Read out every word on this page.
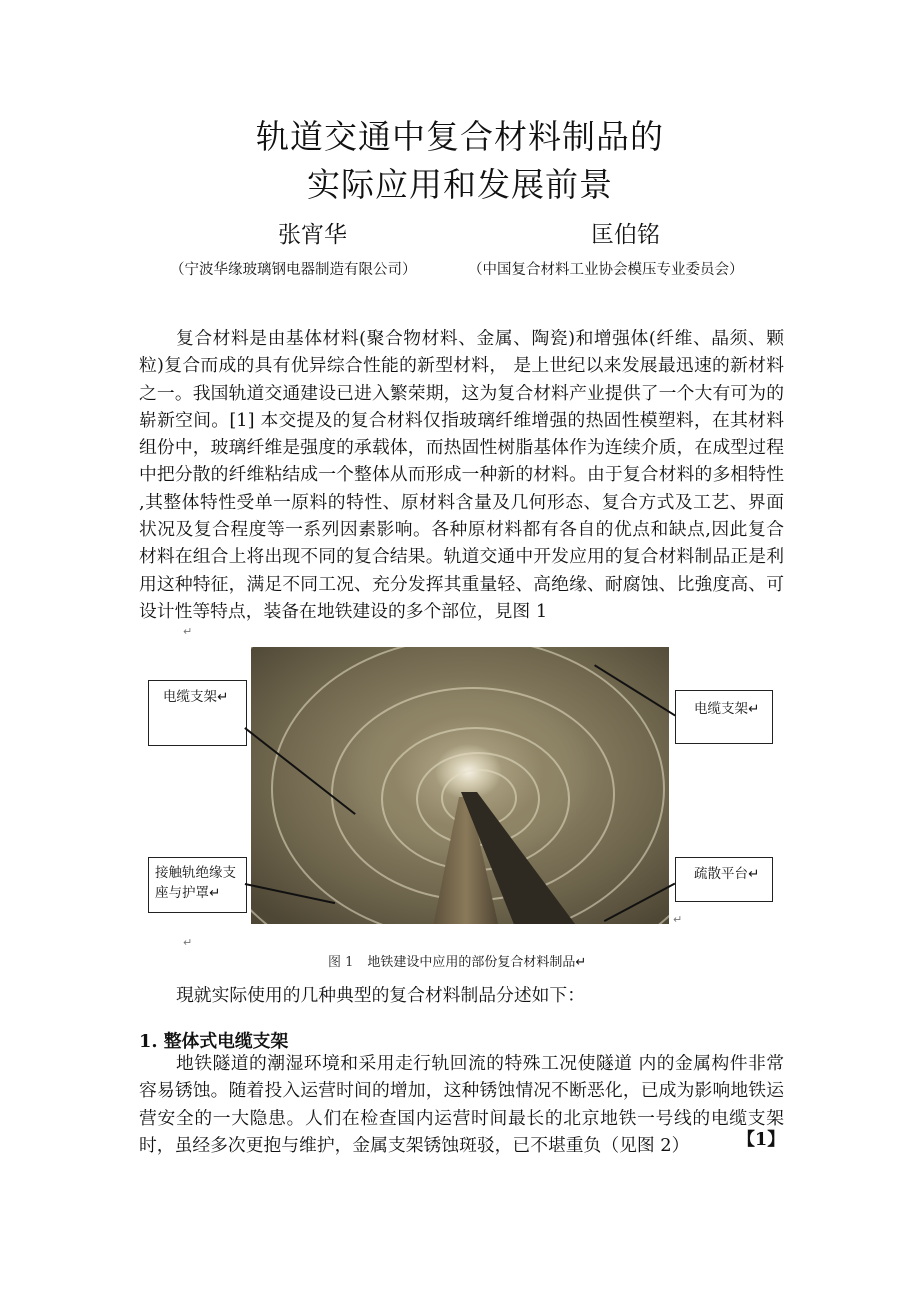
轨道交通中复合材料制品的
实际应用和发展前景
张宵华	匡伯铭
（宁波华缘玻璃钢电器制造有限公司）	（中国复合材料工业协会模压专业委员会）

复合材料是由基体材料(聚合物材料、金属、陶瓷)和增强体(纤维、晶须、颗粒)复合而成的具有优异综合性能的新型材料， 是上世纪以来发展最迅速的新材料之一。我国轨道交通建设已进入繁荣期，这为复合材料产业提供了一个大有可为的崭新空间。[1] 本交提及的复合材料仅指玻璃纤维增强的热固性模塑料，在其材料组份中，玻璃纤维是强度的承载体，而热固性树脂基体作为连续介质，在成型过程中把分散的纤维粘结成一个整体从而形成一种新的材料。由于复合材料的多相特性 ,其整体特性受单一原料的特性、原材料含量及几何形态、复合方式及工艺、界面状况及复合程度等一系列因素影响。各种原材料都有各自的优点和缺点,因此复合材料在组合上将出现不同的复合结果。轨道交通中开发应用的复合材料制品正是利用这种特征，满足不同工况、充分发挥其重量轻、高绝缘、耐腐蚀、比強度高、可设计性等特点，装备在地铁建设的多个部位，見图 1

↵
电缆支架↵
电缆支架↵
接触轨绝缘支座与护罩↵
疏散平台↵
↵
↵
图 1 地铁建设中应用的部份复合材料制品↵
現就实际使用的几种典型的复合材料制品分述如下：
1. 整体式电缆支架

地铁隧道的潮湿环境和采用走行轨回流的特殊工况使隧道 内的金属构件非常容易锈蚀。随着投入运营时间的增加，这种锈蚀情况不断恶化，已成为影响地铁运营安全的一大隐患。人们在检查国内运营时间最长的北京地铁一号线的电缆支架时，虽经多次更抱与维护，金属支架锈蚀斑驳，已不堪重负（见图 2）	【1】
